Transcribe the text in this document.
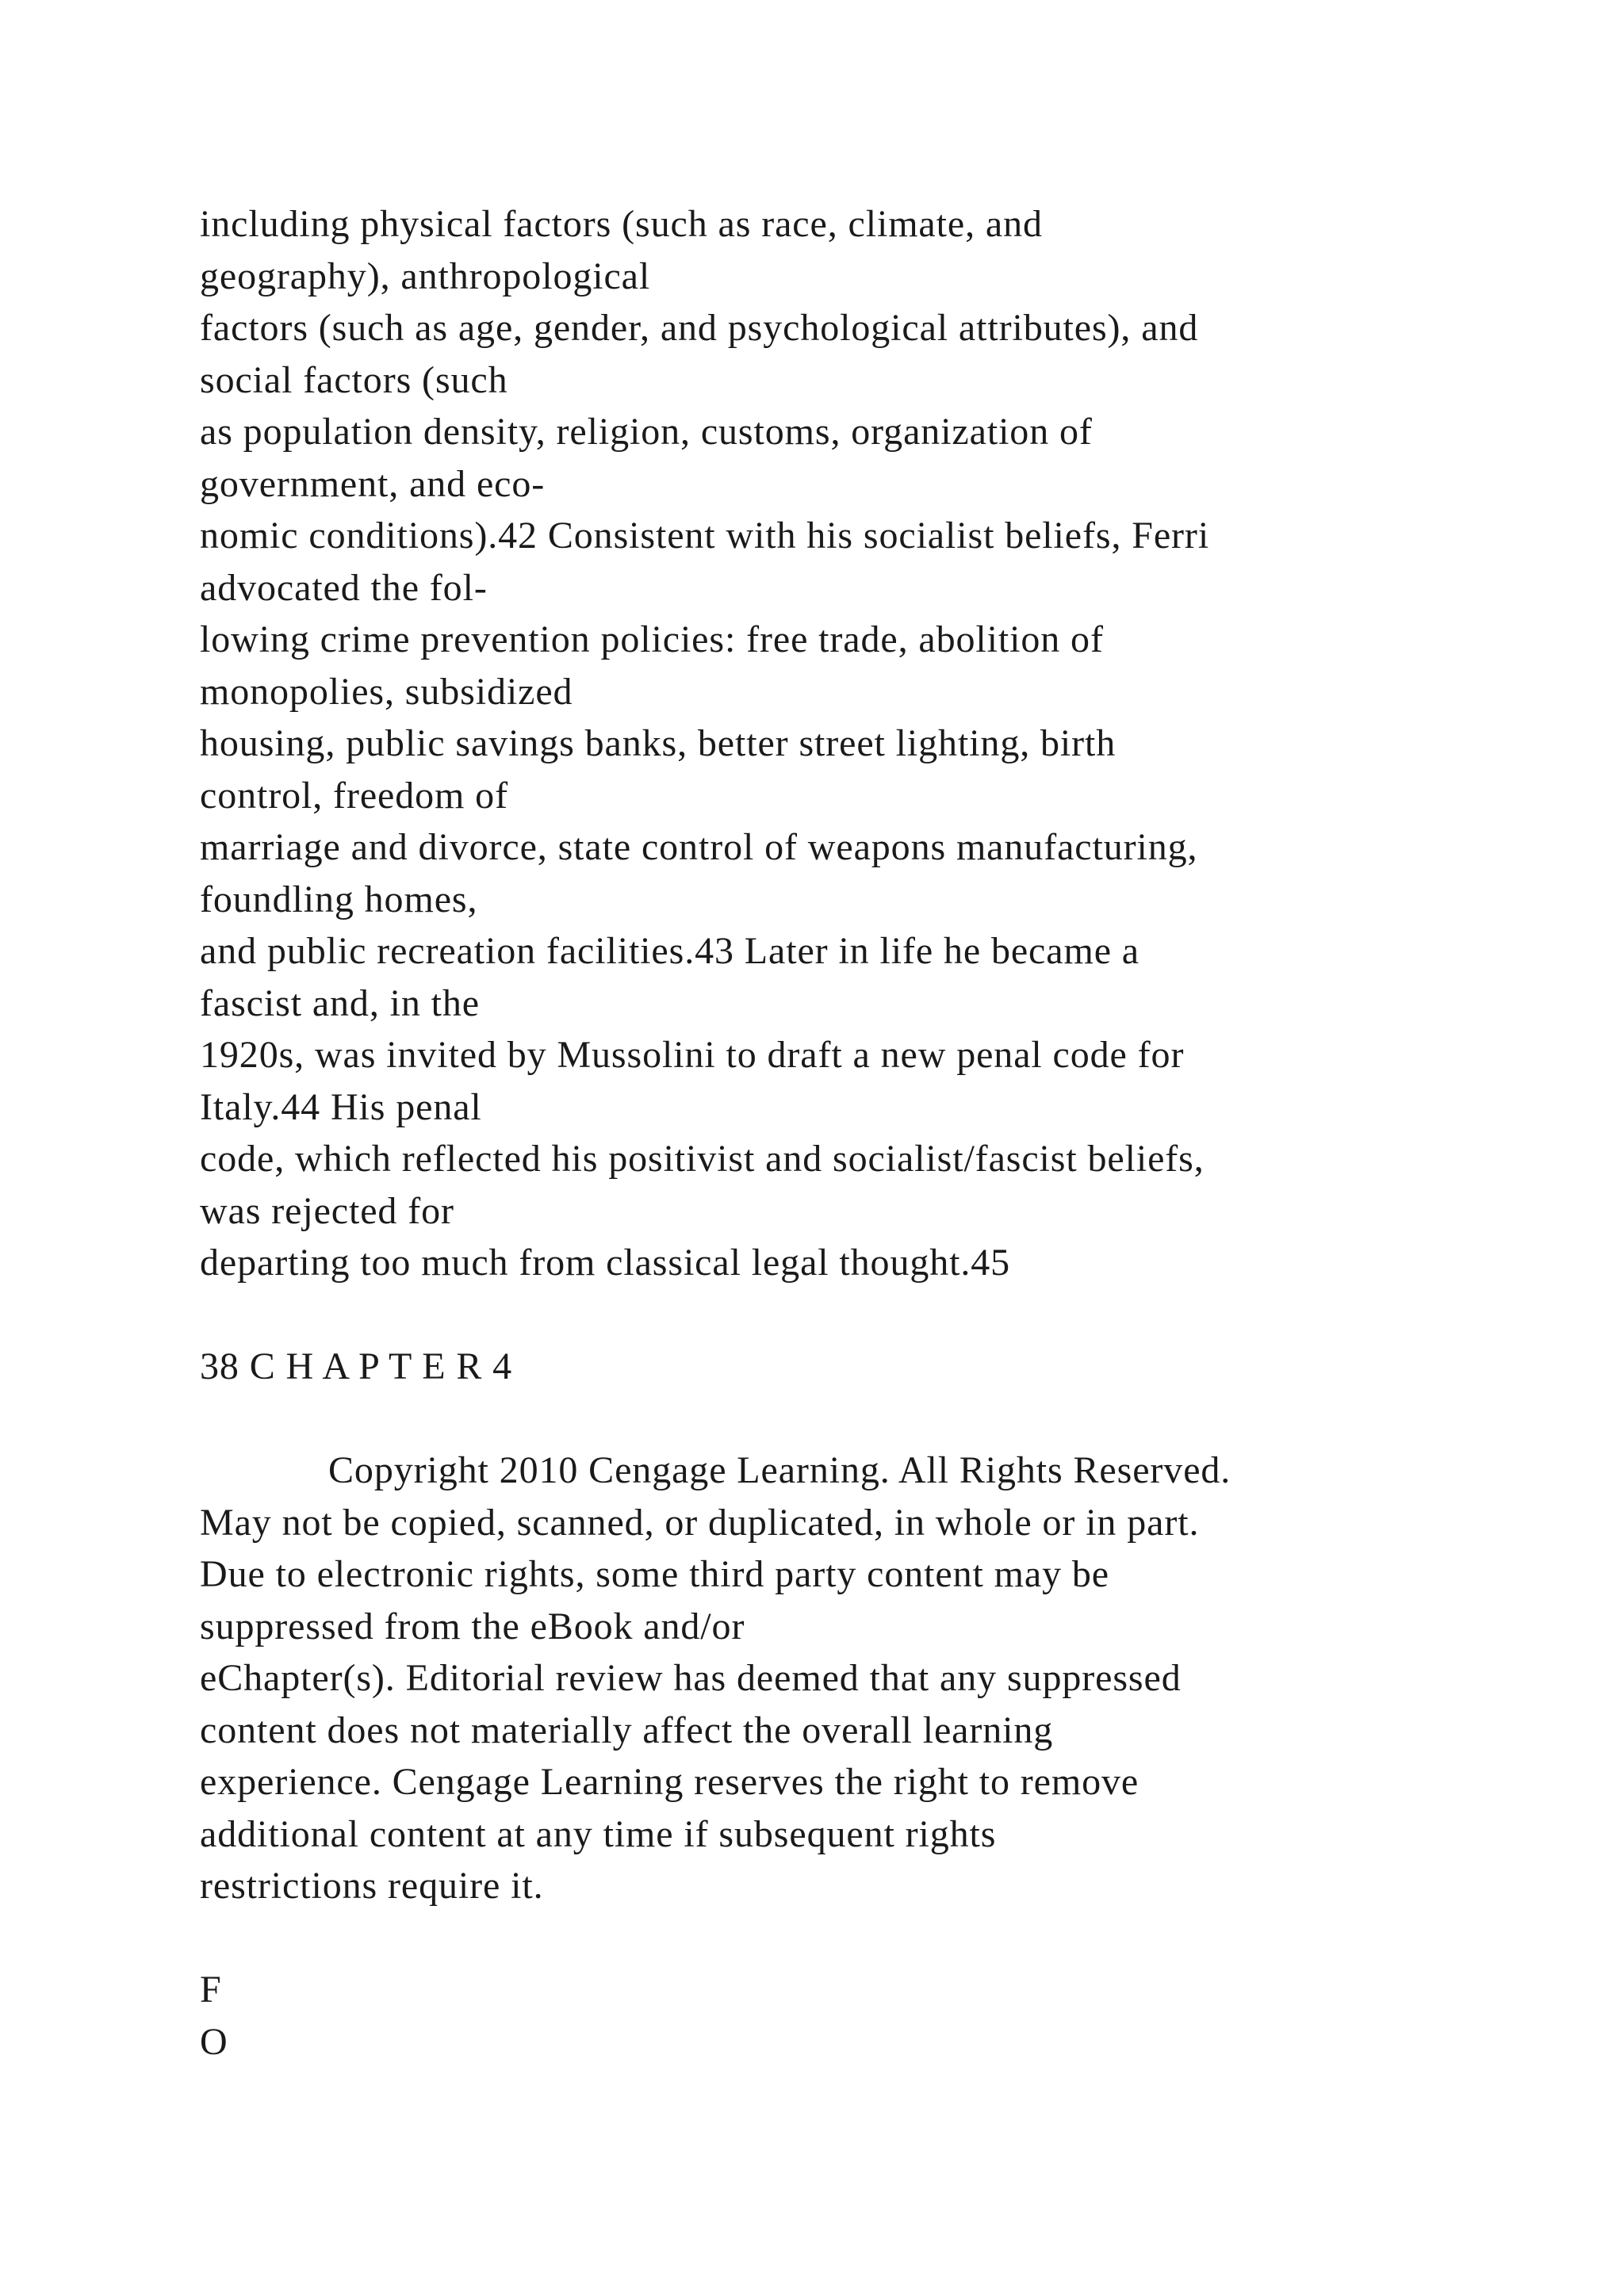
including physical factors (such as race, climate, and
geography), anthropological
factors (such as age, gender, and psychological attributes), and
social factors (such
as population density, religion, customs, organization of
government, and eco-
nomic conditions).42 Consistent with his socialist beliefs, Ferri
advocated the fol-
lowing crime prevention policies: free trade, abolition of
monopolies, subsidized
housing, public savings banks, better street lighting, birth
control, freedom of
marriage and divorce, state control of weapons manufacturing,
foundling homes,
and public recreation facilities.43 Later in life he became a
fascist and, in the
1920s, was invited by Mussolini to draft a new penal code for
Italy.44 His penal
code, which reflected his positivist and socialist/fascist beliefs,
was rejected for
departing too much from classical legal thought.45
38 C H A P T E R 4
Copyright 2010 Cengage Learning. All Rights Reserved.
May not be copied, scanned, or duplicated, in whole or in part.
Due to electronic rights, some third party content may be
suppressed from the eBook and/or
eChapter(s). Editorial review has deemed that any suppressed
content does not materially affect the overall learning
experience. Cengage Learning reserves the right to remove
additional content at any time if subsequent rights
restrictions require it.
F
O
